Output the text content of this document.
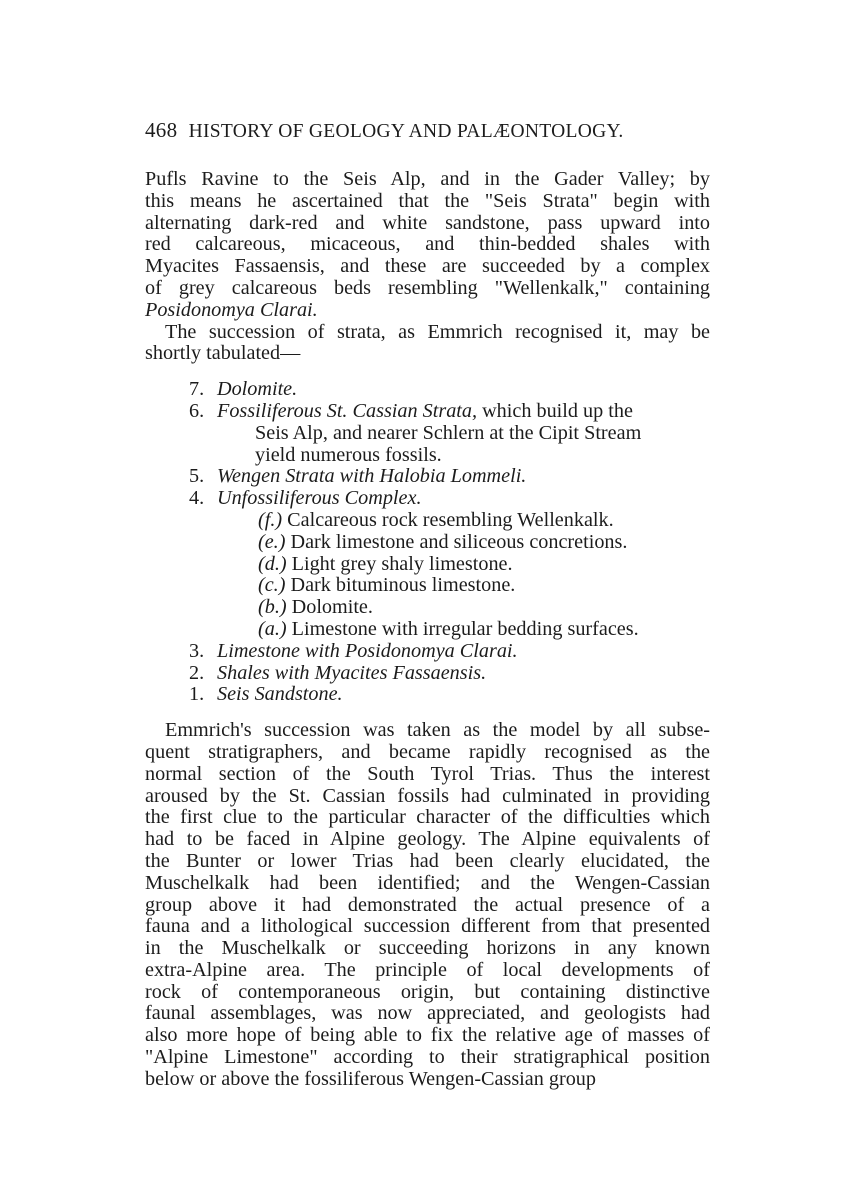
468 HISTORY OF GEOLOGY AND PALÆONTOLOGY.
Pufls Ravine to the Seis Alp, and in the Gader Valley; by
this means he ascertained that the "Seis Strata" begin with
alternating dark-red and white sandstone, pass upward into
red calcareous, micaceous, and thin-bedded shales with
Myacites Fassaensis, and these are succeeded by a complex
of grey calcareous beds resembling "Wellenkalk," containing
Posidonomya Clarai.
The succession of strata, as Emmrich recognised it, may be
shortly tabulated—
7. Dolomite.
6. Fossiliferous St. Cassian Strata, which build up the
Seis Alp, and nearer Schlern at the Cipit Stream
yield numerous fossils.
5. Wengen Strata with Halobia Lommeli.
4. Unfossiliferous Complex.
(f.) Calcareous rock resembling Wellenkalk.
(e.) Dark limestone and siliceous concretions.
(d.) Light grey shaly limestone.
(c.) Dark bituminous limestone.
(b.) Dolomite.
(a.) Limestone with irregular bedding surfaces.
3. Limestone with Posidonomya Clarai.
2. Shales with Myacites Fassaensis.
1. Seis Sandstone.
Emmrich's succession was taken as the model by all subse-
quent stratigraphers, and became rapidly recognised as the
normal section of the South Tyrol Trias. Thus the interest
aroused by the St. Cassian fossils had culminated in providing
the first clue to the particular character of the difficulties which
had to be faced in Alpine geology. The Alpine equivalents of
the Bunter or lower Trias had been clearly elucidated, the
Muschelkalk had been identified; and the Wengen-Cassian
group above it had demonstrated the actual presence of a
fauna and a lithological succession different from that presented
in the Muschelkalk or succeeding horizons in any known
extra-Alpine area. The principle of local developments of
rock of contemporaneous origin, but containing distinctive
faunal assemblages, was now appreciated, and geologists had
also more hope of being able to fix the relative age of masses of
"Alpine Limestone" according to their stratigraphical position
below or above the fossiliferous Wengen-Cassian group
